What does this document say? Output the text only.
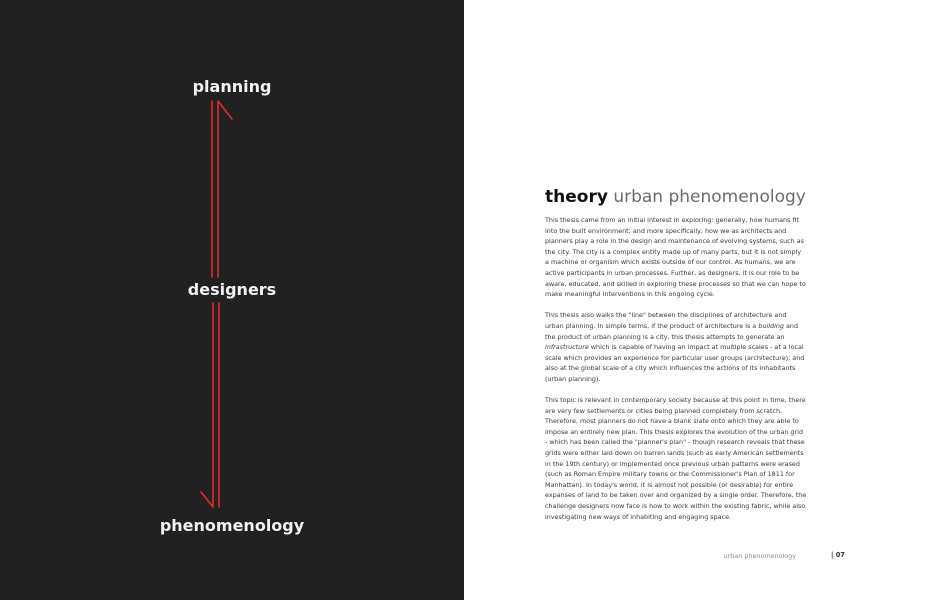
planning
designers
phenomenology
theory urban phenomenology

This thesis came from an initial interest in exploring: generally, how humans fit into the built environment; and more specifically, how we as architects and planners play a role in the design and maintenance of evolving systems, such as the city. The city is a complex entity made up of many parts, but it is not simply a machine or organism which exists outside of our control. As humans, we are active participants in urban processes. Further, as designers, it is our role to be aware, educated, and skilled in exploring these processes so that we can hope to make meaningful interventions in this ongoing cycle.

This thesis also walks the "line" between the disciplines of architecture and urban planning. In simple terms, if the product of architecture is a building and the product of urban planning is a city, this thesis attempts to generate an infrastructure which is capable of having an impact at multiple scales - at a local scale which provides an experience for particular user groups (architecture); and also at the global scale of a city which influences the actions of its inhabitants (urban planning).

This topic is relevant in contemporary society because at this point in time, there are very few settlements or cities being planned completely from scratch. Therefore, most planners do not have a blank slate onto which they are able to impose an entirely new plan. This thesis explores the evolution of the urban grid - which has been called the "planner's plan" - though research reveals that these grids were either laid down on barren lands (such as early American settlements in the 19th century) or implemented once previous urban patterns were erased (such as Roman Empire military towns or the Commissioner's Plan of 1811 for Manhattan). In today's world, it is almost not possible (or desirable) for entire expanses of land to be taken over and organized by a single order. Therefore, the challenge designers now face is how to work within the existing fabric, while also investigating new ways of inhabiting and engaging space.

urban phenomenology	| 07
